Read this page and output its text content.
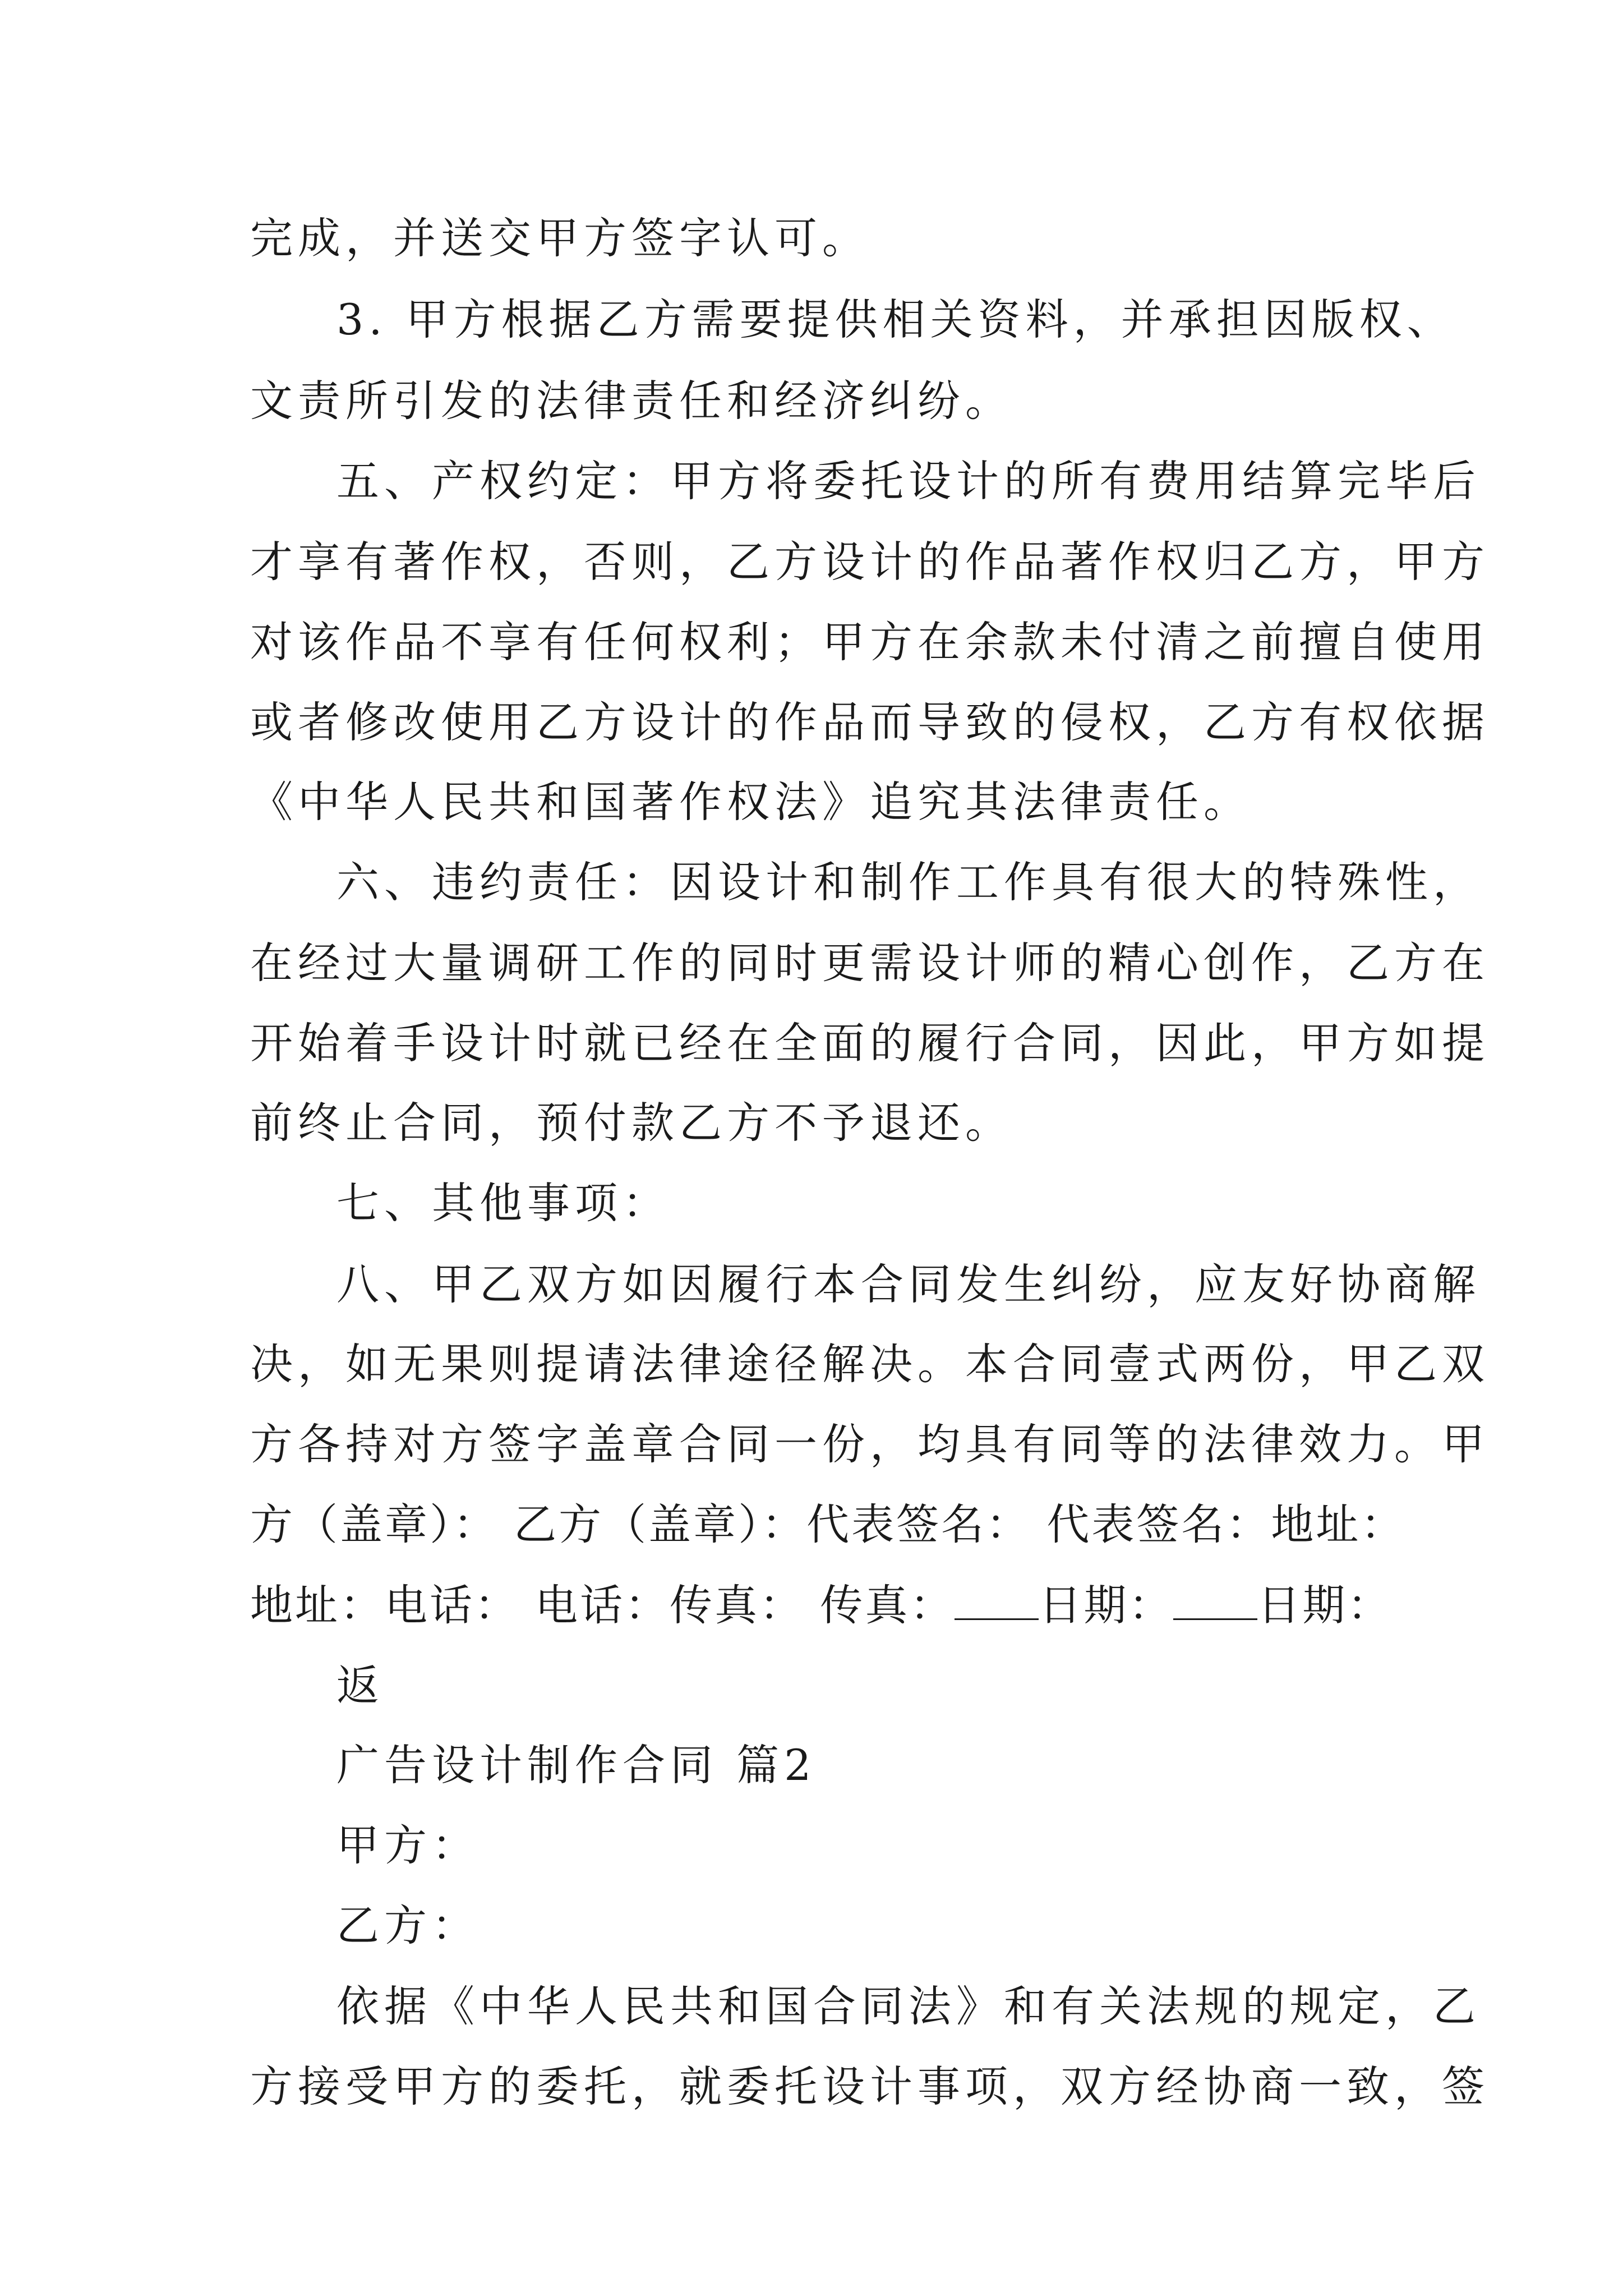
完成，并送交甲方签字认可。
3. 甲方根据乙方需要提供相关资料，并承担因版权、
文责所引发的法律责任和经济纠纷。
五、产权约定：甲方将委托设计的所有费用结算完毕后
才享有著作权，否则，乙方设计的作品著作权归乙方，甲方
对该作品不享有任何权利；甲方在余款未付清之前擅自使用
或者修改使用乙方设计的作品而导致的侵权，乙方有权依据
《中华人民共和国著作权法》追究其法律责任。
六、违约责任：因设计和制作工作具有很大的特殊性，
在经过大量调研工作的同时更需设计师的精心创作，乙方在
开始着手设计时就已经在全面的履行合同，因此，甲方如提
前终止合同，预付款乙方不予退还。
七、其他事项：
八、甲乙双方如因履行本合同发生纠纷，应友好协商解
决，如无果则提请法律途径解决。本合同壹式两份，甲乙双
方各持对方签字盖章合同一份，均具有同等的法律效力。甲
方（盖章）： 乙方（盖章）：代表签名： 代表签名：地址：
地址：电话： 电话：传真： 传真： 日期： 日期：
返
广告设计制作合同 篇2
甲方：
乙方：
依据《中华人民共和国合同法》和有关法规的规定，乙
方接受甲方的委托，就委托设计事项，双方经协商一致，签
